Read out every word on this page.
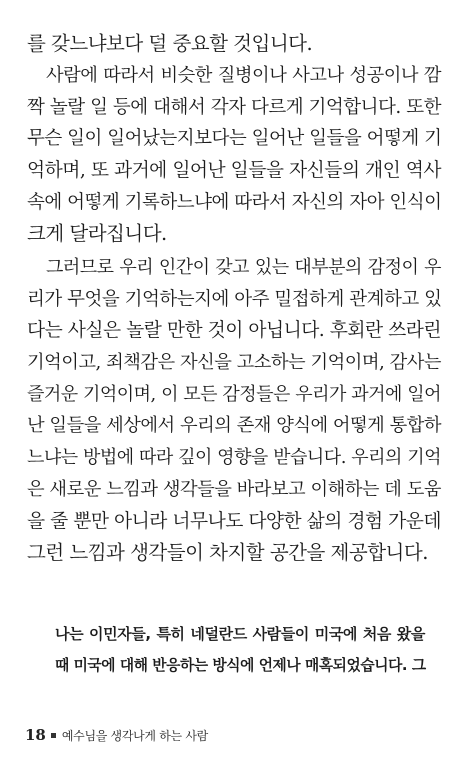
를 갖느냐보다 덜 중요할 것입니다.
사람에 따라서 비슷한 질병이나 사고나 성공이나 깜
짝 놀랄 일 등에 대해서 각자 다르게 기억합니다. 또한
무슨 일이 일어났는지보다는 일어난 일들을 어떻게 기
억하며, 또 과거에 일어난 일들을 자신들의 개인 역사
속에 어떻게 기록하느냐에 따라서 자신의 자아 인식이
크게 달라집니다.
그러므로 우리 인간이 갖고 있는 대부분의 감정이 우
리가 무엇을 기억하는지에 아주 밀접하게 관계하고 있
다는 사실은 놀랄 만한 것이 아닙니다. 후회란 쓰라린
기억이고, 죄책감은 자신을 고소하는 기억이며, 감사는
즐거운 기억이며, 이 모든 감정들은 우리가 과거에 일어
난 일들을 세상에서 우리의 존재 양식에 어떻게 통합하
느냐는 방법에 따라 깊이 영향을 받습니다. 우리의 기억
은 새로운 느낌과 생각들을 바라보고 이해하는 데 도움
을 줄 뿐만 아니라 너무나도 다양한 삶의 경험 가운데
그런 느낌과 생각들이 차지할 공간을 제공합니다.
나는 이민자들, 특히 네덜란드 사람들이 미국에 처음 왔을
때 미국에 대해 반응하는 방식에 언제나 매혹되었습니다. 그
18 예수님을 생각나게 하는 사람
